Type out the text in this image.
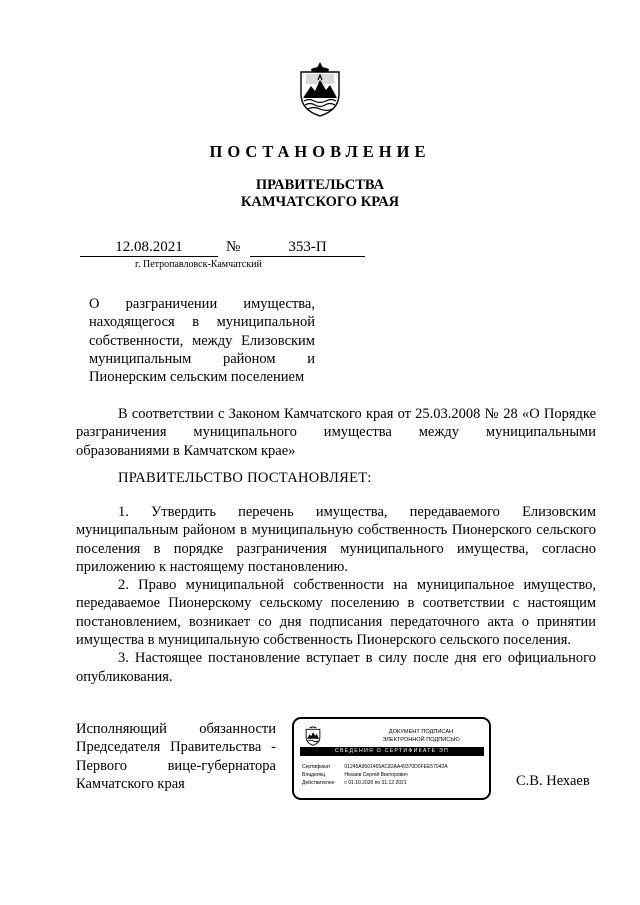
ПОСТАНОВЛЕНИЕ
ПРАВИТЕЛЬСТВА
КАМЧАТСКОГО КРАЯ
12.08.2021	№	353-П
г. Петропавловск-Камчатский
О разграничении имущества,
находящегося в муниципальной
собственности, между Елизовским
муниципальным районом и
Пионерским сельским поселением

В соответствии с Законом Камчатского края от 25.03.2008 № 28 «О Порядке разграничения муниципального имущества между муниципальными образованиями в Камчатском крае»

ПРАВИТЕЛЬСТВО ПОСТАНОВЛЯЕТ:

1. Утвердить перечень имущества, передаваемого Елизовским муниципальным районом в муниципальную собственность Пионерского сельского поселения в порядке разграничения муниципального имущества, согласно приложению к настоящему постановлению.

2. Право муниципальной собственности на муниципальное имущество, передаваемое Пионерскому сельскому поселению в соответствии с настоящим постановлением, возникает со дня подписания передаточного акта о принятии имущества в муниципальную собственность Пионерского сельского поселения.

3. Настоящее постановление вступает в силу после дня его официального опубликования.

Исполняющий обязанности
Председателя Правительства -
Первого вице-губернатора
Камчатского края
ДОКУМЕНТ ПОДПИСАН
ЭЛЕКТРОННОЙ ПОДПИСЬЮ
СВЕДЕНИЯ О СЕРТИФИКАТЕ ЭП
Сертификат	01245A9501465AC82AA49370D0FEE57042A
Владелец	Нехаев Сергей Викторович
Действителен с 01.10.2020 по 31.12.2021	С.В. Нехаев
